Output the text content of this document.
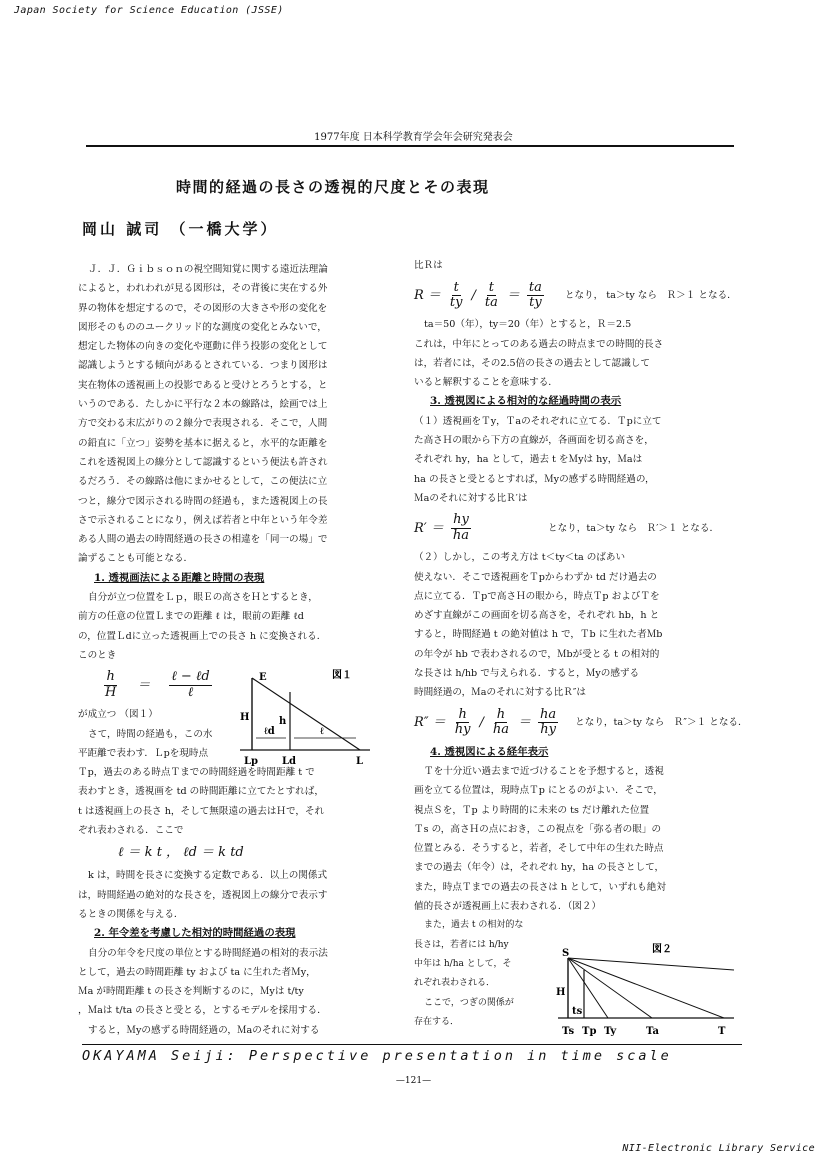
Japan Society for Science Education (JSSE)
1977年度 日本科学教育学会年会研究発表会
時間的経過の長さの透視的尺度とその表現
岡山 誠司 （一橋大学）

Ｊ．Ｊ．Ｇｉｂｓｏｎの視空間知覚に関する遠近法理論

によると，われわれが見る図形は，その背後に実在する外

界の物体を想定するので，その図形の大きさや形の変化を

図形そのもののユークリッド的な測度の変化とみないで，

想定した物体の向きの変化や運動に伴う投影の変化として

認識しようとする傾向があるとされている．つまり図形は

実在物体の透視画上の投影であると受けとろうとする，と

いうのである．たしかに平行な２本の線路は，絵画では上

方で交わる末広がりの２線分で表現される．そこで，人間

の鉛直に「立つ」姿勢を基本に据えると，水平的な距離を

これを透視図上の線分として認識するという便法も許され

るだろう．その線路は他にまかせるとして，この便法に立

つと，線分で図示される時間の経過も，また透視図上の長

さで示されることになり，例えば若者と中年という年令差

ある人間の過去の時間経過の長さの相違を「同一の場」で

論ずることも可能となる．

1. 透視画法による距離と時間の表現

自分が立つ位置をＬｐ，眼Ｅの高さをＨとするとき，

前方の任意の位置Ｌまでの距離 ℓ は，眼前の距離 ℓd

の，位置Ｌdに立った透視画上での長さ h に変換される．

このとき

$\frac{h}{H} = \frac{\text{ℓ − ℓd}}{\text{ℓ}}$

が成立つ （図１）

さて，時間の経過も，この水

平距離で表わす．Ｌpを現時点

Ｔp，過去のある時点Ｔまでの時間経過を時間距離 t で

表わすとき，透視画を td の時間距離に立てたとすれば，

t は透視画上の長さ h，そして無限遠の過去はＨで，それ

ぞれ表わされる．ここで

ℓ ＝ k t ， ℓd ＝ k td

k は，時間を長さに変換する定数である．以上の関係式

は，時間経過の絶対的な長さを，透視図上の線分で表示す

るときの関係を与える．

2. 年令差を考慮した相対的時間経過の表現

自分の年令を尺度の単位とする時間経過の相対的表示法

として，過去の時間距離 ty および ta に生れた者Ｍy，

Ｍa が時間距離 t の長さを判断するのに，Ｍyは t/ty

，Ｍaは t/ta の長さと受とる，とするモデルを採用する．

すると，Ｍyの感ずる時間経過の，Ｍaのそれに対する

E
H	h
ℓd	ℓ
Lp Ld	L
図１

比Ｒは

$R = \frac{t}{ty} / \frac{t}{ta} = \frac{ta}{ty}$ となり， ta＞ty なら　Ｒ＞１ となる．

ta＝50（年），ty＝20（年）とすると，Ｒ＝2.5

これは，中年にとってのある過去の時点までの時間的長さ

は，若者には，その2.5倍の長さの過去として認識して

いると解釈することを意味する．

3. 透視図による相対的な経過時間の表示

（１）透視画をＴy，Ｔaのそれぞれに立てる．Ｔpに立て

た高さＨの眼から下方の直線が，各画面を切る高さを，

それぞれ hy，ha として，過去 t をＭyは hy，Ｍaは

ha の長さと受とるとすれば，Ｍyの感ずる時間経過の，

Ｍaのそれに対する比Ｒ′は

$R' = \frac{hy}{ha}$	となり，ta＞ty なら　Ｒ′＞１ となる．

（２）しかし，この考え方は t＜ty＜ta のばあい

使えない．そこで透視画をＴpからわずか td だけ過去の

点に立てる．Ｔpで高さＨの眼から，時点Ｔp およびＴを

めざす直線がこの画面を切る高さを，それぞれ hb，h と

すると，時間経過 t の絶対値は h で，Ｔb に生れた者Ｍb

の年令が hb で表わされるので，Ｍbが受とる t の相対的

な長さは h/hb で与えられる．すると，Ｍyの感ずる

時間経過の，Ｍaのそれに対する比Ｒ″は

$R'' = \frac{h}{hy} / \frac{h}{ha} = \frac{ha}{hy}$ となり，ta＞ty なら　Ｒ″＞１ となる．

4. 透視図による経年表示

Ｔを十分近い過去まで近づけることを予想すると，透視

画を立てる位置は，現時点Ｔp にとるのがよい．そこで，

視点Ｓを，Ｔp より時間的に未来の ts だけ離れた位置

Ｔs の，高さＨの点におき，この視点を「弥る者の眼」の

位置とみる．そうすると，若者，そして中年の生れた時点

までの過去（年令）は，それぞれ hy，ha の長さとして，

また，時点Ｔまでの過去の長さは h として，いずれも絶対

値的長さが透視画上に表わされる．（図２）

また，過去 t の相対的な

長さは，若者には h/hy

中年は h/ha として，そ

れぞれ表わされる．

ここで，つぎの関係が

存在する．

S
H
ts
Ts Tp Ty	Ta	T
図２
OKAYAMA Seiji: Perspective presentation in time scale
—121—
NII-Electronic Library Service
